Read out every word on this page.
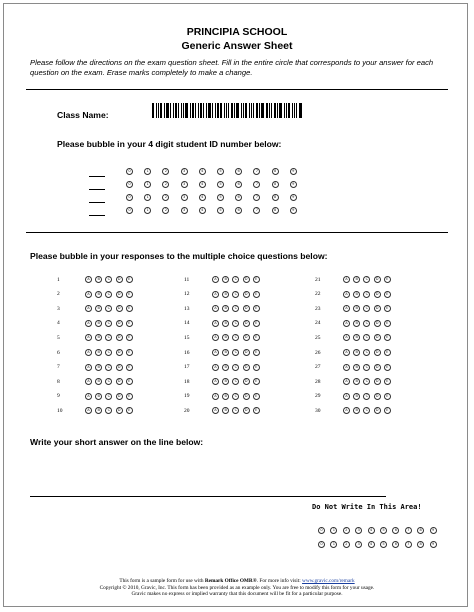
PRINCIPIA SCHOOL
Generic Answer Sheet
Please follow the directions on the exam question sheet. Fill in the entire circle that corresponds to your answer for each question on the exam. Erase marks completely to make a change.
Class Name:
Please bubble in your 4 digit student ID number below:
0	1	2	3	4	5	6	7	8	9
0	1	2	3	4	5	6	7	8	9
0	1	2	3	4	5	6	7	8	9
0	1	2	3	4	5	6	7	8	9
Please bubble in your responses to the multiple choice questions below:
1	A	B	C	D	E
2	A	B	C	D	E
3	A	B	C	D	E
4	A	B	C	D	E
5	A	B	C	D	E
6	A	B	C	D	E
7	A	B	C	D	E
8	A	B	C	D	E
9	A	B	C	D	E
10	A	B	C	D	E
11	A	B	C	D	E
12	A	B	C	D	E
13	A	B	C	D	E
14	A	B	C	D	E
15	A	B	C	D	E
16	A	B	C	D	E
17	A	B	C	D	E
18	A	B	C	D	E
19	A	B	C	D	E
20	A	B	C	D	E
21	A	B	C	D	E
22	A	B	C	D	E
23	A	B	C	D	E
24	A	B	C	D	E
25	A	B	C	D	E
26	A	B	C	D	E
27	A	B	C	D	E
28	A	B	C	D	E
29	A	B	C	D	E
30	A	B	C	D	E
Write your short answer on the line below:
Do Not Write In This Area!
0	1	2	3	4	5	6	7	8	9
0	1	2	3	4	5	6	7	8	9
This form is a sample form for use with Remark Office OMR®. For more info visit: www.gravic.com/remark
Copyright © 2010, Gravic, Inc. This form has been provided as an example only. You are free to modify this form for your usage.
Gravic makes no express or implied warranty that this document will be fit for a particular purpose.
